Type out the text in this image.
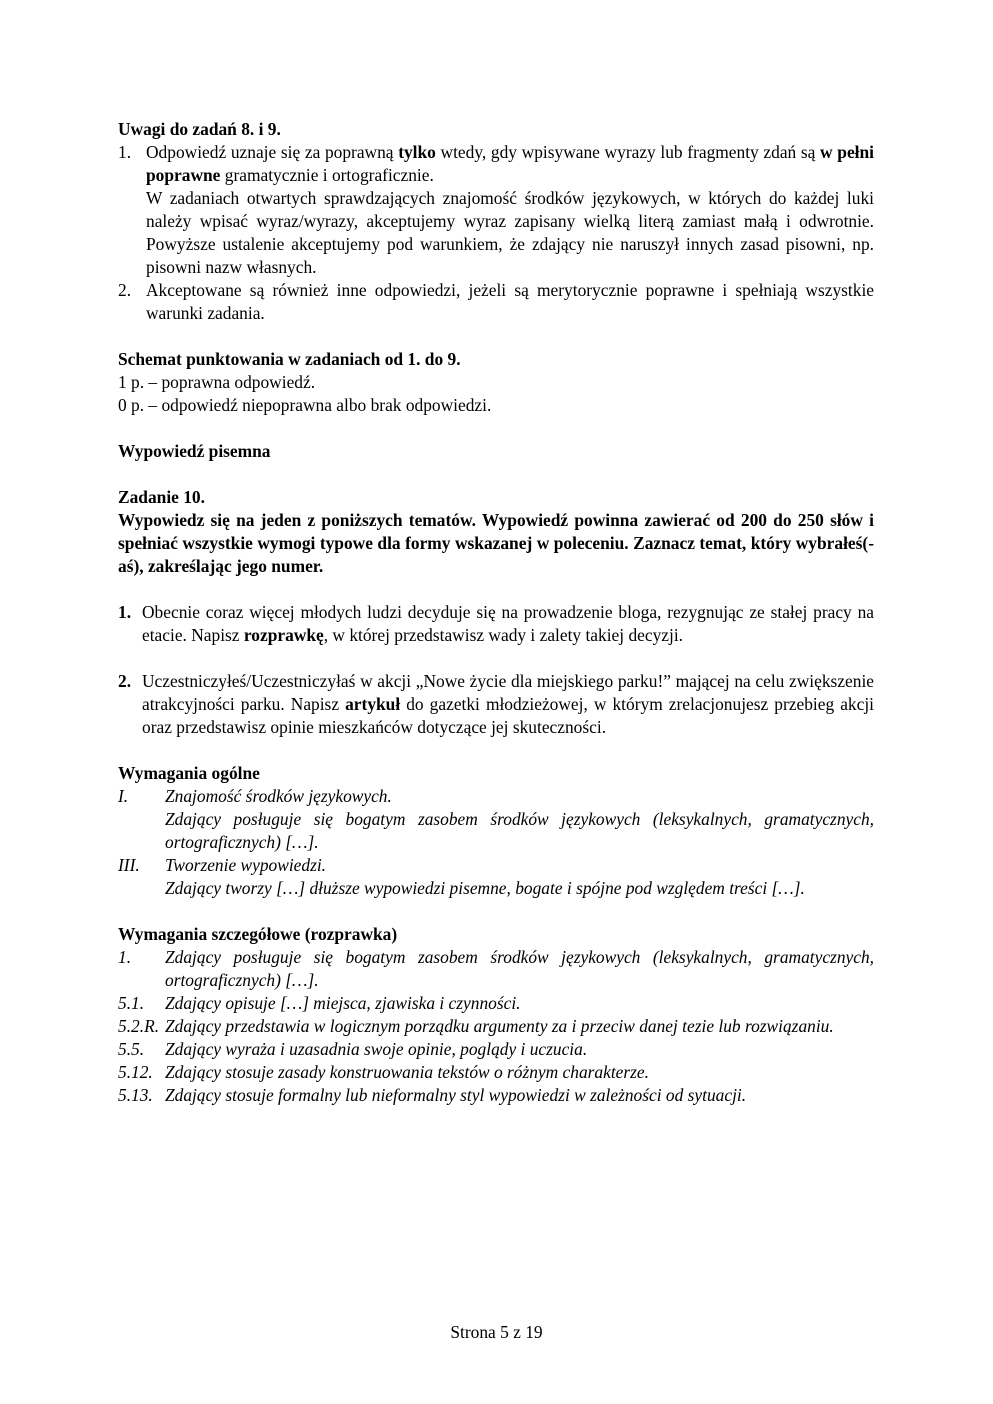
Uwagi do zadań 8. i 9.
1. Odpowiedź uznaje się za poprawną tylko wtedy, gdy wpisywane wyrazy lub fragmenty zdań są w pełni poprawne gramatycznie i ortograficznie.
W zadaniach otwartych sprawdzających znajomość środków językowych, w których do każdej luki należy wpisać wyraz/wyrazy, akceptujemy wyraz zapisany wielką literą zamiast małą i odwrotnie. Powyższe ustalenie akceptujemy pod warunkiem, że zdający nie naruszył innych zasad pisowni, np. pisowni nazw własnych.
2. Akceptowane są również inne odpowiedzi, jeżeli są merytorycznie poprawne i spełniają wszystkie warunki zadania.
Schemat punktowania w zadaniach od 1. do 9.
1 p. – poprawna odpowiedź.
0 p. – odpowiedź niepoprawna albo brak odpowiedzi.
Wypowiedź pisemna
Zadanie 10.
Wypowiedz się na jeden z poniższych tematów. Wypowiedź powinna zawierać od 200 do 250 słów i spełniać wszystkie wymogi typowe dla formy wskazanej w poleceniu. Zaznacz temat, który wybrałeś(-aś), zakreślając jego numer.
1. Obecnie coraz więcej młodych ludzi decyduje się na prowadzenie bloga, rezygnując ze stałej pracy na etacie. Napisz rozprawkę, w której przedstawisz wady i zalety takiej decyzji.
2. Uczestniczyłeś/Uczestniczyłaś w akcji „Nowe życie dla miejskiego parku!” mającej na celu zwiększenie atrakcyjności parku. Napisz artykuł do gazetki młodzieżowej, w którym zrelacjonujesz przebieg akcji oraz przedstawisz opinie mieszkańców dotyczące jej skuteczności.
Wymagania ogólne
I.	Znajomość środków językowych.
Zdający posługuje się bogatym zasobem środków językowych (leksykalnych, gramatycznych, ortograficznych) […].
III.	Tworzenie wypowiedzi.
Zdający tworzy […] dłuższe wypowiedzi pisemne, bogate i spójne pod względem treści […].
Wymagania szczegółowe (rozprawka)
1.	Zdający posługuje się bogatym zasobem środków językowych (leksykalnych, gramatycznych, ortograficznych) […].
5.1.	Zdający opisuje […] miejsca, zjawiska i czynności.
5.2.R. Zdający przedstawia w logicznym porządku argumenty za i przeciw danej tezie lub rozwiązaniu.
5.5.	Zdający wyraża i uzasadnia swoje opinie, poglądy i uczucia.
5.12. Zdający stosuje zasady konstruowania tekstów o różnym charakterze.
5.13. Zdający stosuje formalny lub nieformalny styl wypowiedzi w zależności od sytuacji.
Strona 5 z 19
